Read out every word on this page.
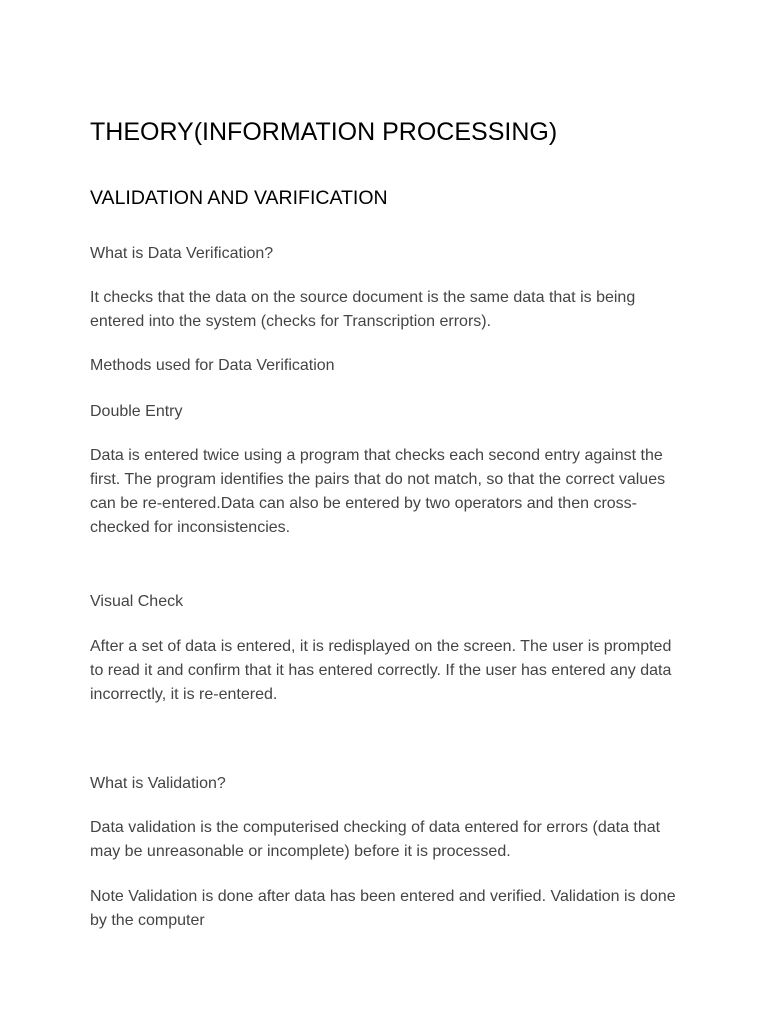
THEORY(INFORMATION PROCESSING)
VALIDATION AND VARIFICATION

What is Data Verification?

It checks that the data on the source document is the same data that is being entered into the system (checks for Transcription errors).

Methods used for Data Verification

Double Entry

Data is entered twice using a program that checks each second entry against the first. The program identifies the pairs that do not match, so that the correct values can be re-entered.Data can also be entered by two operators and then cross-checked for inconsistencies.

Visual Check

After a set of data is entered, it is redisplayed on the screen. The user is prompted to read it and confirm that it has entered correctly. If the user has entered any data incorrectly, it is re-entered.

What is Validation?

Data validation is the computerised checking of data entered for errors (data that may be unreasonable or incomplete) before it is processed.

Note Validation is done after data has been entered and verified. Validation is done by the computer
